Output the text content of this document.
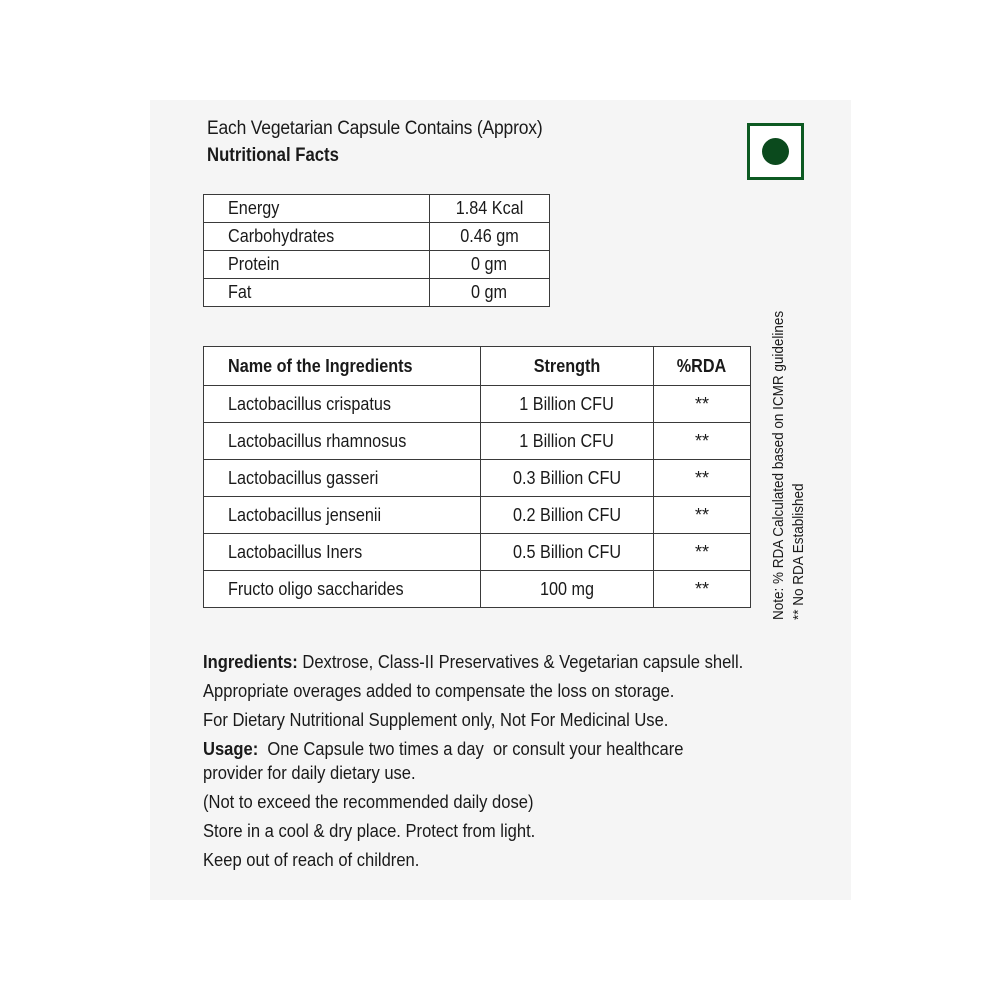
Each Vegetarian Capsule Contains (Approx)
Nutritional Facts
Energy	1.84 Kcal
Carbohydrates	0.46 gm
Protein	0 gm
Fat	0 gm
Name of the Ingredients	Strength	%RDA
Lactobacillus crispatus	1 Billion CFU	**
Lactobacillus rhamnosus	1 Billion CFU	**
Lactobacillus gasseri	0.3 Billion CFU	**
Lactobacillus jensenii	0.2 Billion CFU	**
Lactobacillus Iners	0.5 Billion CFU	**
Fructo oligo saccharides	100 mg	**	Note: % RDA Calculated based on ICMR guidelines ** No RDA Established
Ingredients: Dextrose, Class-II Preservatives & Vegetarian capsule shell.
Appropriate overages added to compensate the loss on storage.
For Dietary Nutritional Supplement only, Not For Medicinal Use.
Usage:  One Capsule two times a day  or consult your healthcare
provider for daily dietary use.
(Not to exceed the recommended daily dose)
Store in a cool & dry place. Protect from light.
Keep out of reach of children.
